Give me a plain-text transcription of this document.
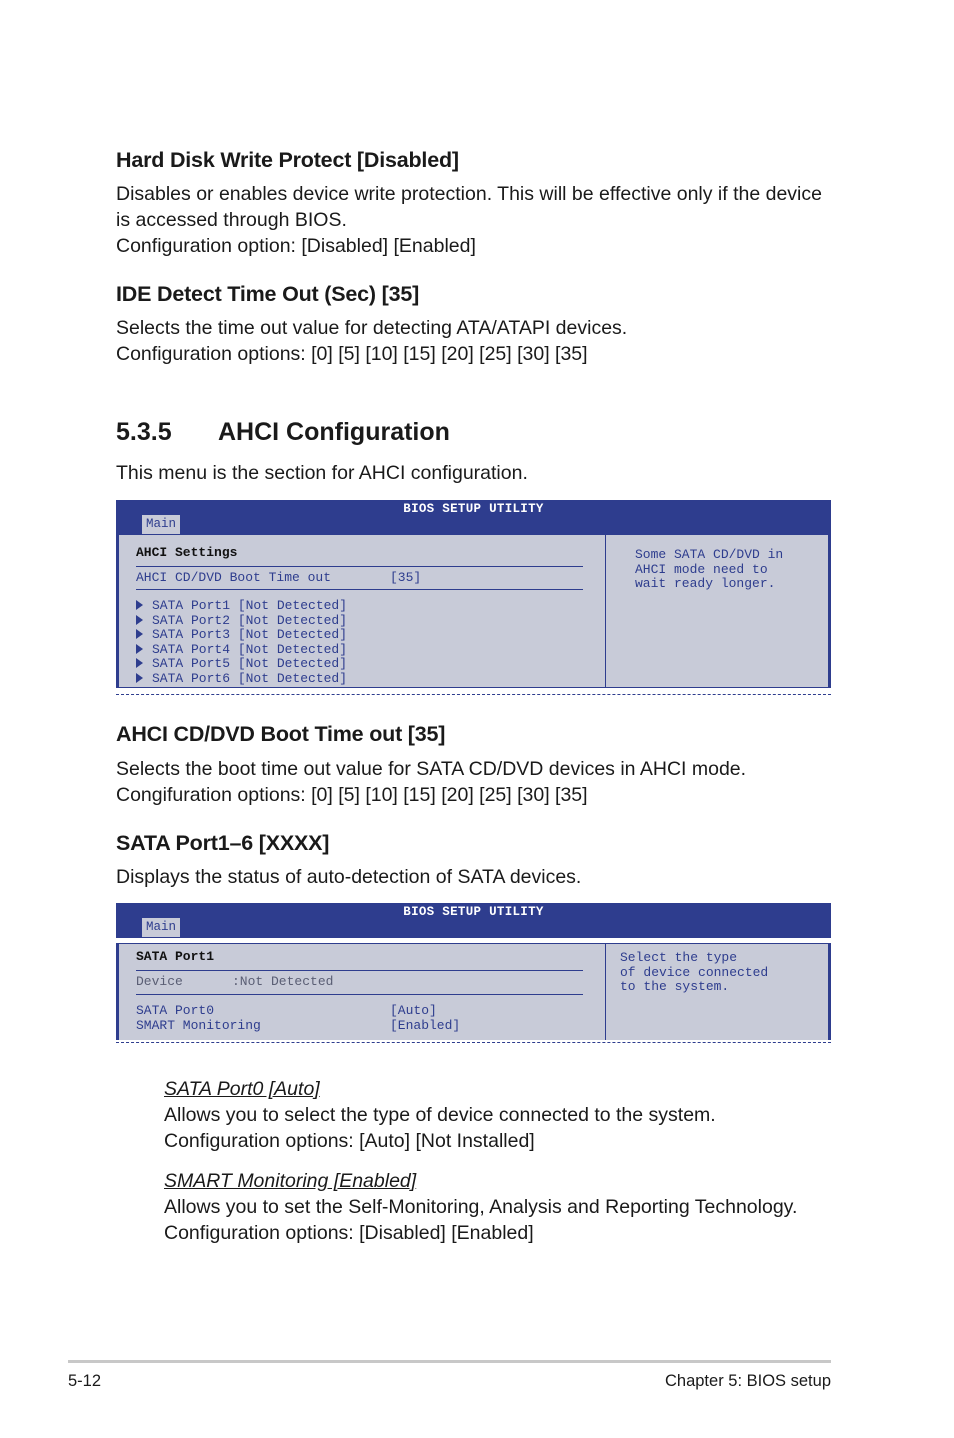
Hard Disk Write Protect [Disabled]
Disables or enables device write protection. This will be effective only if the device
is accessed through BIOS.
Configuration option: [Disabled] [Enabled]
IDE Detect Time Out (Sec) [35]
Selects the time out value for detecting ATA/ATAPI devices.
Configuration options: [0] [5] [10] [15] [20] [25] [30] [35]
5.3.5 AHCI Configuration
This menu is the section for AHCI configuration.
BIOS SETUP UTILITY
Main
AHCI Settings
AHCI CD/DVD Boot Time out	[35]
SATA Port1 [Not Detected]
SATA Port2 [Not Detected]
SATA Port3 [Not Detected]
SATA Port4 [Not Detected]
SATA Port5 [Not Detected]
SATA Port6 [Not Detected]
Some SATA CD/DVD in
AHCI mode need to
wait ready longer.
AHCI CD/DVD Boot Time out [35]
Selects the boot time out value for SATA CD/DVD devices in AHCI mode.
Congifuration options: [0] [5] [10] [15] [20] [25] [30] [35]
SATA Port1–6 [XXXX]
Displays the status of auto-detection of SATA devices.
BIOS SETUP UTILITY
Main
SATA Port1
Device	:Not Detected
SATA Port0	[Auto]
SMART Monitoring	[Enabled]
Select the type
of device connected
to the system.
SATA Port0 [Auto]
Allows you to select the type of device connected to the system.
Configuration options: [Auto] [Not Installed]
SMART Monitoring [Enabled]
Allows you to set the Self-Monitoring, Analysis and Reporting Technology.
Configuration options: [Disabled] [Enabled]
5-12	Chapter 5: BIOS setup
